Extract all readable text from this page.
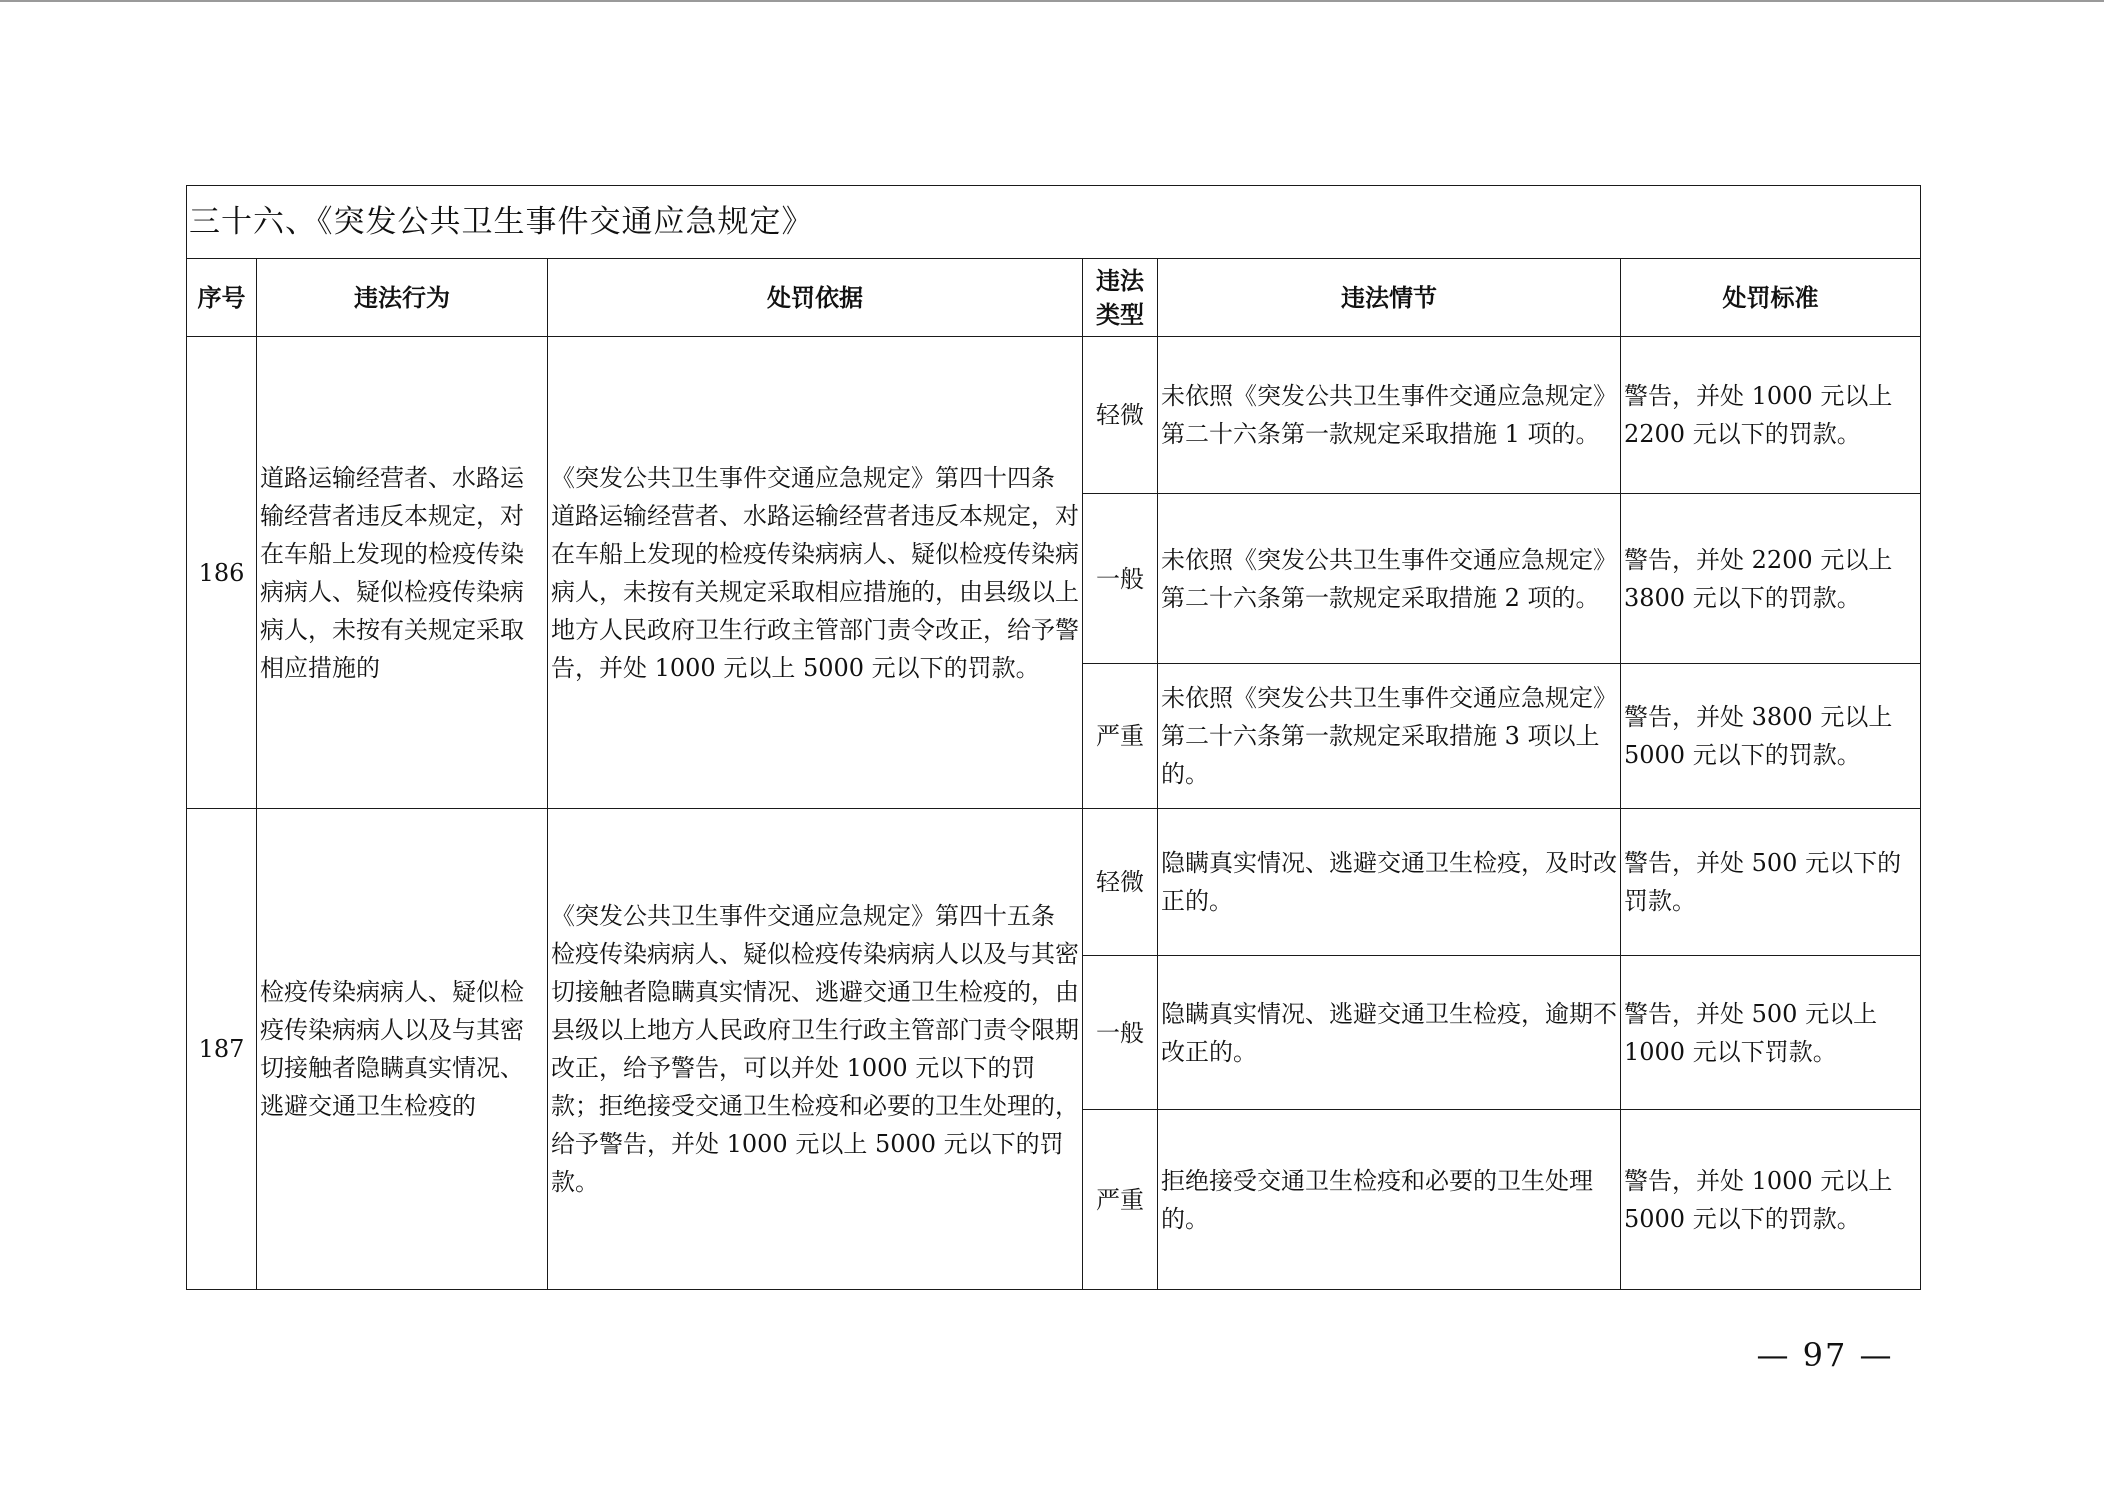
三十六、《突发公共卫生事件交通应急规定》					
序号	违法行为	处罚依据	违法类型	违法情节	处罚标准
186	道路运输经营者、水路运输经营者违反本规定，对在车船上发现的检疫传染病病人、疑似检疫传染病病人，未按有关规定采取相应措施的	《突发公共卫生事件交通应急规定》第四十四条　　道路运输经营者、水路运输经营者违反本规定，对在车船上发现的检疫传染病病人、疑似检疫传染病病人，未按有关规定采取相应措施的，由县级以上地方人民政府卫生行政主管部门责令改正，给予警告，并处 1000 元以上 5000 元以下的罚款。	轻微	未依照《突发公共卫生事件交通应急规定》第二十六条第一款规定采取措施 1 项的。	警告，并处 1000 元以上 2200 元以下的罚款。
			一般	未依照《突发公共卫生事件交通应急规定》第二十六条第一款规定采取措施 2 项的。	警告，并处 2200 元以上 3800 元以下的罚款。
			严重	未依照《突发公共卫生事件交通应急规定》第二十六条第一款规定采取措施 3 项以上的。	警告，并处 3800 元以上 5000 元以下的罚款。
187	检疫传染病病人、疑似检疫传染病病人以及与其密切接触者隐瞒真实情况、逃避交通卫生检疫的	《突发公共卫生事件交通应急规定》第四十五条　　检疫传染病病人、疑似检疫传染病病人以及与其密切接触者隐瞒真实情况、逃避交通卫生检疫的，由县级以上地方人民政府卫生行政主管部门责令限期改正，给予警告，可以并处 1000 元以下的罚款；拒绝接受交通卫生检疫和必要的卫生处理的，给予警告，并处 1000 元以上 5000 元以下的罚款。	轻微	隐瞒真实情况、逃避交通卫生检疫，及时改正的。	警告，并处 500 元以下的罚款。
			一般	隐瞒真实情况、逃避交通卫生检疫，逾期不改正的。	警告，并处 500 元以上 1000 元以下罚款。
			严重	拒绝接受交通卫生检疫和必要的卫生处理的。	警告，并处 1000 元以上 5000 元以下的罚款。
— 97 —
